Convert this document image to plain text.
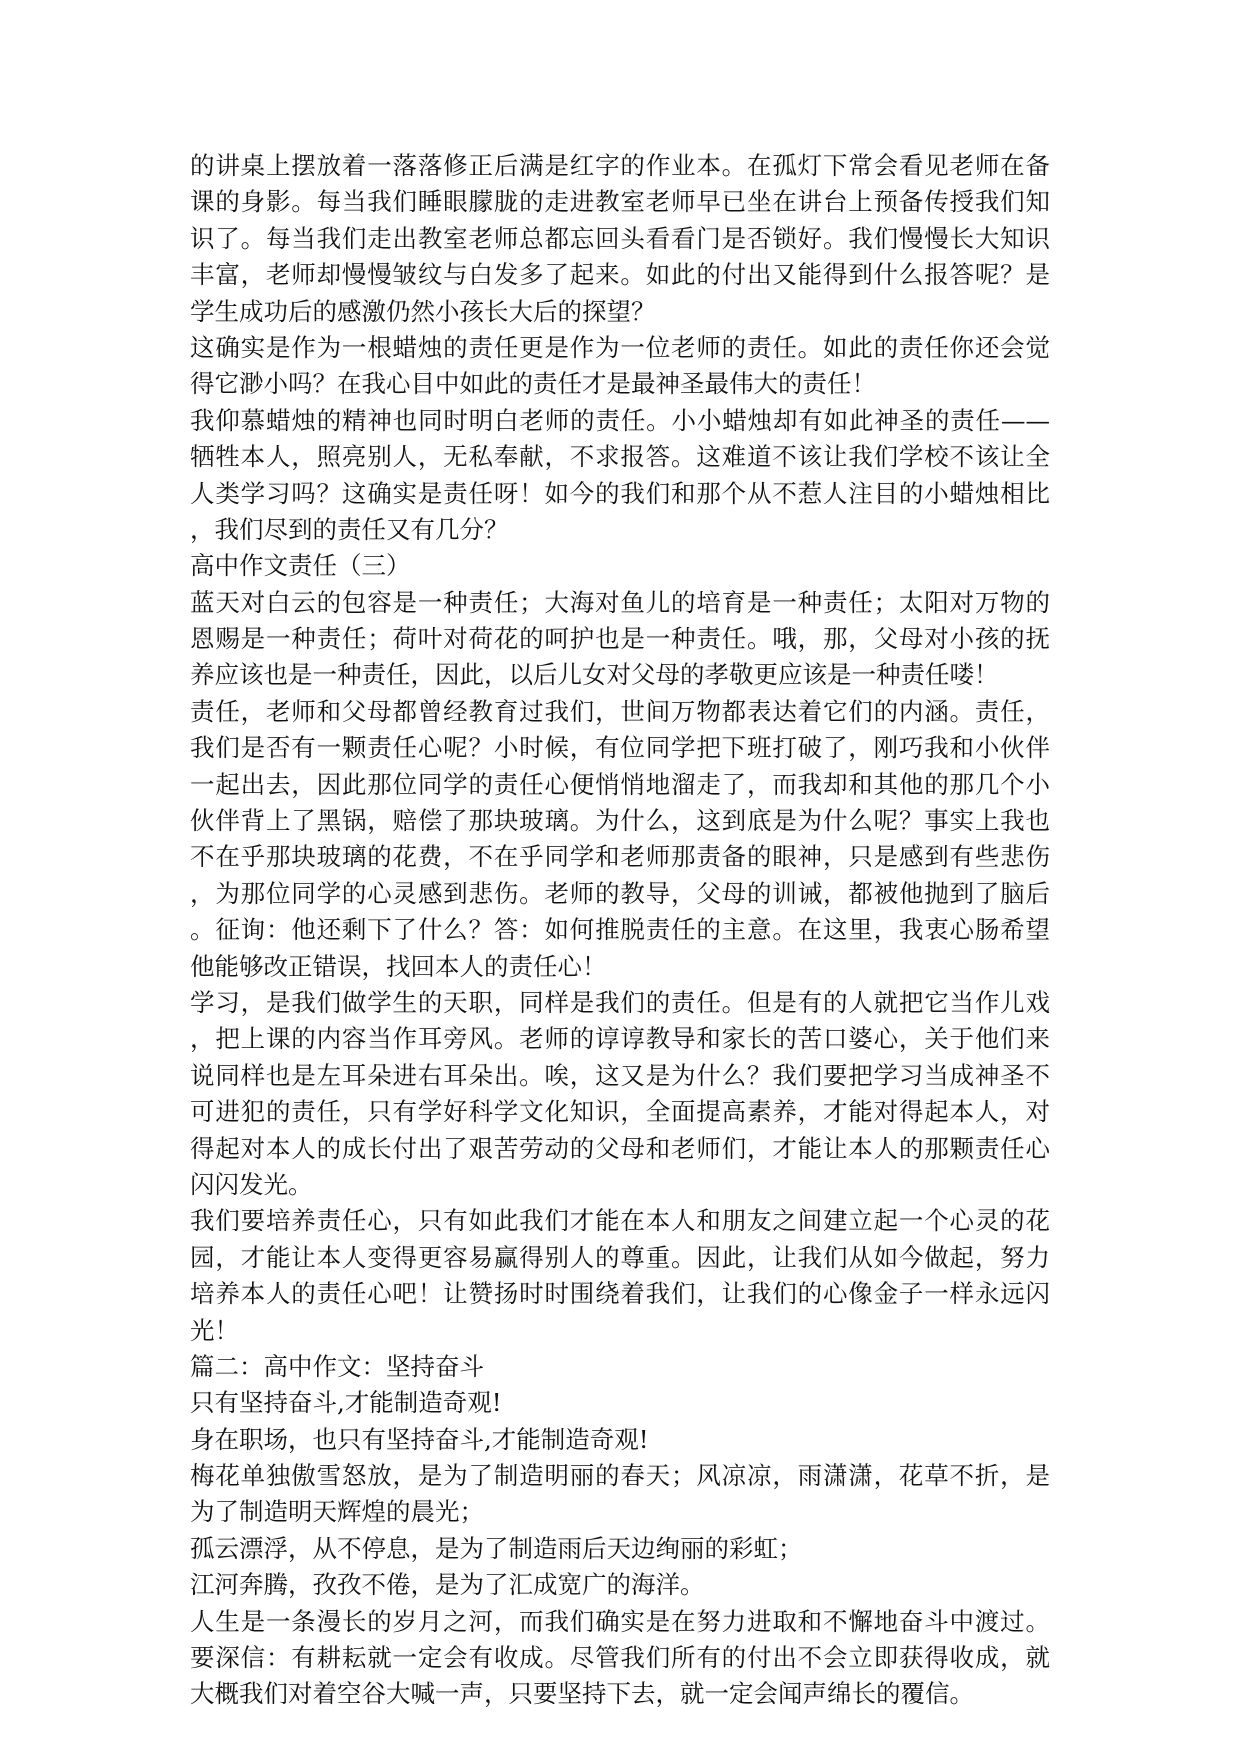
的讲桌上摆放着一落落修正后满是红字的作业本。在孤灯下常会看见老师在备
课的身影。每当我们睡眼朦胧的走进教室老师早已坐在讲台上预备传授我们知
识了。每当我们走出教室老师总都忘回头看看门是否锁好。我们慢慢长大知识
丰富，老师却慢慢皱纹与白发多了起来。如此的付出又能得到什么报答呢？是
学生成功后的感激仍然小孩长大后的探望？
这确实是作为一根蜡烛的责任更是作为一位老师的责任。如此的责任你还会觉
得它渺小吗？在我心目中如此的责任才是最神圣最伟大的责任！
我仰慕蜡烛的精神也同时明白老师的责任。小小蜡烛却有如此神圣的责任——
牺牲本人，照亮别人，无私奉献，不求报答。这难道不该让我们学校不该让全
人类学习吗？这确实是责任呀！如今的我们和那个从不惹人注目的小蜡烛相比
，我们尽到的责任又有几分？
高中作文责任（三）
蓝天对白云的包容是一种责任；大海对鱼儿的培育是一种责任；太阳对万物的
恩赐是一种责任；荷叶对荷花的呵护也是一种责任。哦，那，父母对小孩的抚
养应该也是一种责任，因此，以后儿女对父母的孝敬更应该是一种责任喽！
责任，老师和父母都曾经教育过我们，世间万物都表达着它们的内涵。责任，
我们是否有一颗责任心呢？小时候，有位同学把下班打破了，刚巧我和小伙伴
一起出去，因此那位同学的责任心便悄悄地溜走了，而我却和其他的那几个小
伙伴背上了黑锅，赔偿了那块玻璃。为什么，这到底是为什么呢？事实上我也
不在乎那块玻璃的花费，不在乎同学和老师那责备的眼神，只是感到有些悲伤
，为那位同学的心灵感到悲伤。老师的教导，父母的训诫，都被他抛到了脑后
。征询：他还剩下了什么？答：如何推脱责任的主意。在这里，我衷心肠希望
他能够改正错误，找回本人的责任心！
学习，是我们做学生的天职，同样是我们的责任。但是有的人就把它当作儿戏
，把上课的内容当作耳旁风。老师的谆谆教导和家长的苦口婆心，关于他们来
说同样也是左耳朵进右耳朵出。唉，这又是为什么？我们要把学习当成神圣不
可进犯的责任，只有学好科学文化知识，全面提高素养，才能对得起本人，对
得起对本人的成长付出了艰苦劳动的父母和老师们，才能让本人的那颗责任心
闪闪发光。
我们要培养责任心，只有如此我们才能在本人和朋友之间建立起一个心灵的花
园，才能让本人变得更容易赢得别人的尊重。因此，让我们从如今做起，努力
培养本人的责任心吧！让赞扬时时围绕着我们，让我们的心像金子一样永远闪
光！
篇二：高中作文：坚持奋斗
只有坚持奋斗,才能制造奇观!
身在职场，也只有坚持奋斗,才能制造奇观!
梅花单独傲雪怒放，是为了制造明丽的春天；风凉凉，雨潇潇，花草不折，是
为了制造明天辉煌的晨光；
孤云漂浮，从不停息，是为了制造雨后天边绚丽的彩虹；
江河奔腾，孜孜不倦，是为了汇成宽广的海洋。
人生是一条漫长的岁月之河，而我们确实是在努力进取和不懈地奋斗中渡过。
要深信：有耕耘就一定会有收成。尽管我们所有的付出不会立即获得收成，就
大概我们对着空谷大喊一声，只要坚持下去，就一定会闻声绵长的覆信。
